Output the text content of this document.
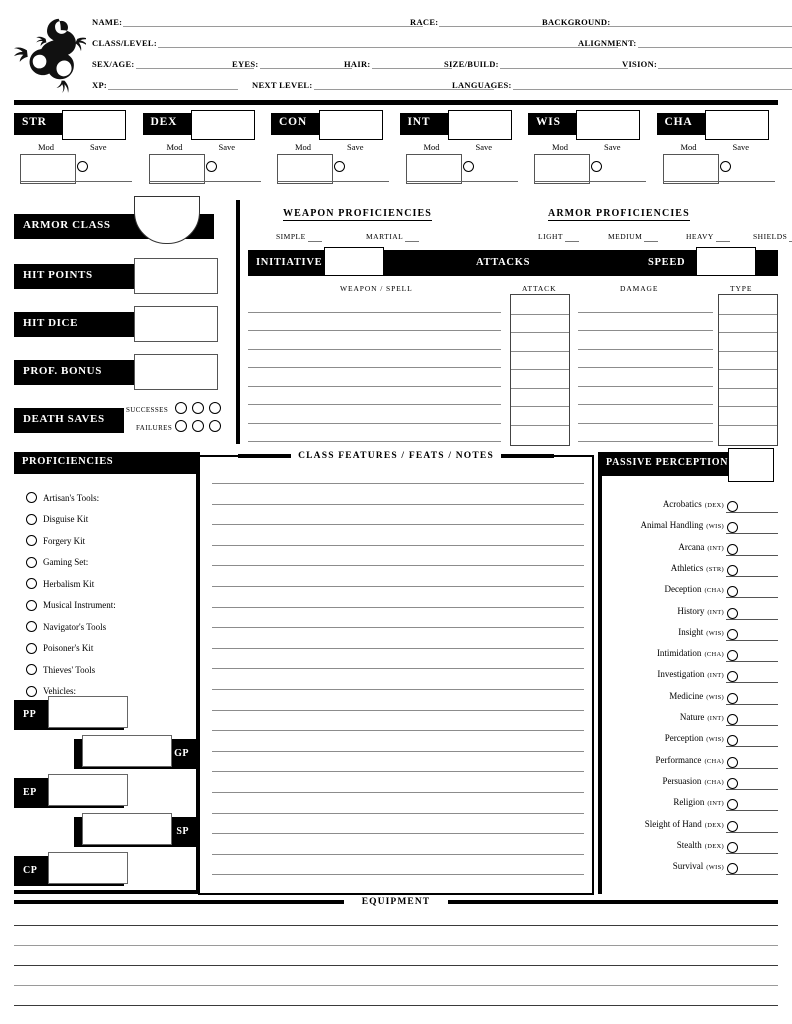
NAME:	RACE:	BACKGROUND:
CLASS/LEVEL:	ALIGNMENT:
SEX/AGE:	EYES:	HAIR:	SIZE/BUILD:	VISION:
XP:	NEXT LEVEL:	LANGUAGES:
STR
Mod	Save
DEX
Mod	Save
CON
Mod	Save
INT
Mod	Save
WIS
Mod	Save
CHA
Mod	Save
ARMOR CLASS
HIT POINTS
HIT DICE
PROF. BONUS
DEATH SAVES
SUCCESSES
FAILURES
WEAPON PROFICIENCIES	ARMOR PROFICIENCIES
SIMPLE	MARTIAL	LIGHT	MEDIUM	HEAVY	SHIELDS
INITIATIVE	ATTACKS	SPEED
WEAPON / SPELL	ATTACK	DAMAGE	TYPE
PROFICIENCIES
Artisan's Tools:
Disguise Kit
Forgery Kit
Gaming Set:
Herbalism Kit
Musical Instrument:
Navigator's Tools
Poisoner's Kit
Thieves' Tools
Vehicles:
PP
GP
EP
SP
CP
CLASS FEATURES / FEATS / NOTES
PASSIVE PERCEPTION
Acrobatics (DEX)
Animal Handling (WIS)
Arcana (INT)
Athletics (STR)
Deception (CHA)
History (INT)
Insight (WIS)
Intimidation (CHA)
Investigation (INT)
Medicine (WIS)
Nature (INT)
Perception (WIS)
Performance (CHA)
Persuasion (CHA)
Religion (INT)
Sleight of Hand (DEX)
Stealth (DEX)
Survival (WIS)
EQUIPMENT
